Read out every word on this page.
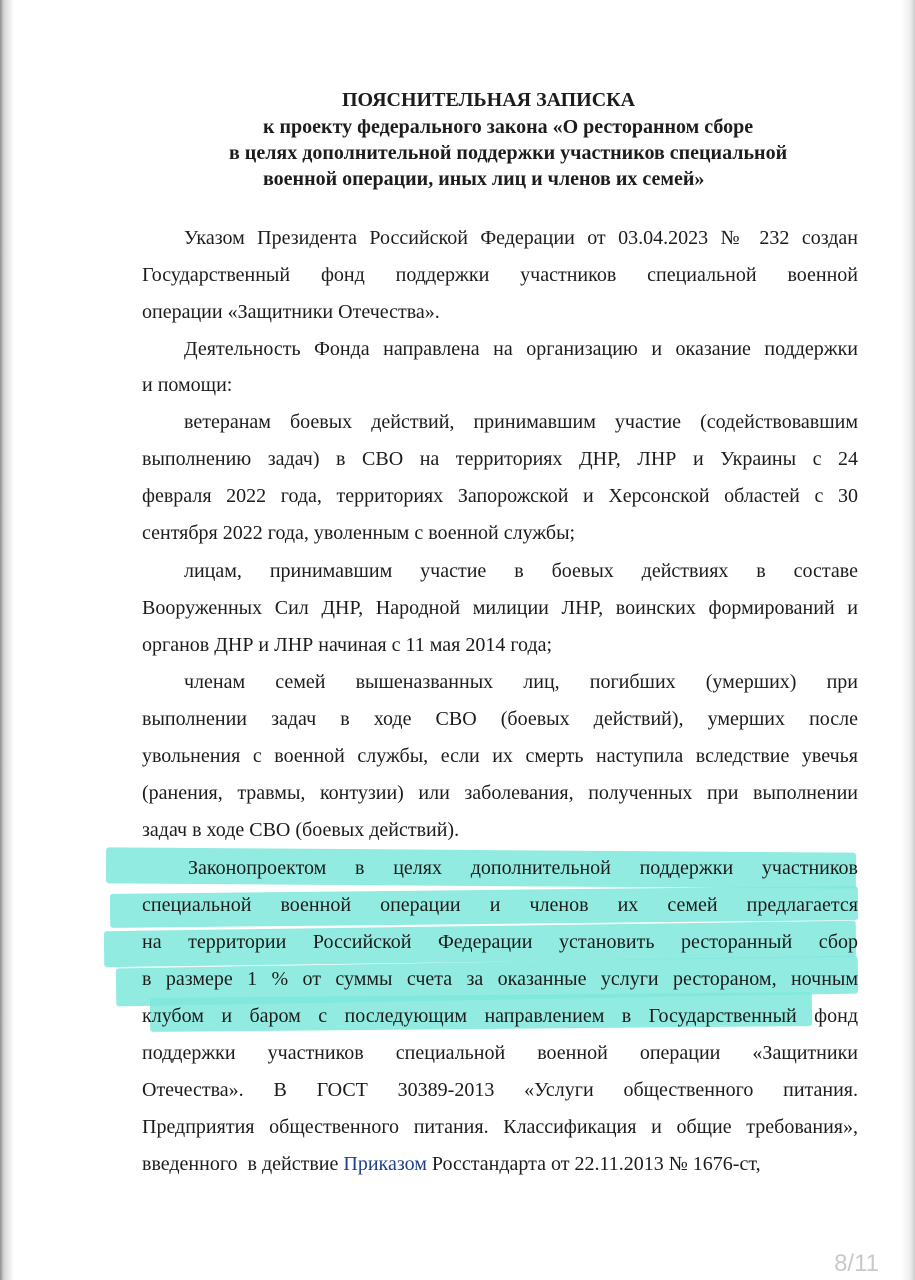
ПОЯСНИТЕЛЬНАЯ ЗАПИСКА
к проекту федерального закона «О ресторанном сборе
в целях дополнительной поддержки участников специальной
военной операции, иных лиц и членов их семей»
Указом Президента Российской Федерации от 03.04.2023 № 232 создан
Государственный фонд поддержки участников специальной военной
операции «Защитники Отечества».
Деятельность Фонда направлена на организацию и оказание поддержки
и помощи:
ветеранам боевых действий, принимавшим участие (содействовавшим
выполнению задач) в СВО на территориях ДНР, ЛНР и Украины с 24
февраля 2022 года, территориях Запорожской и Херсонской областей с 30
сентября 2022 года, уволенным с военной службы;
лицам, принимавшим участие в боевых действиях в составе
Вооруженных Сил ДНР, Народной милиции ЛНР, воинских формирований и
органов ДНР и ЛНР начиная с 11 мая 2014 года;
членам семей вышеназванных лиц, погибших (умерших) при
выполнении задач в ходе СВО (боевых действий), умерших после
увольнения с военной службы, если их смерть наступила вследствие увечья
(ранения, травмы, контузии) или заболевания, полученных при выполнении
задач в ходе СВО (боевых действий).
Законопроектом в целях дополнительной поддержки участников
специальной военной операции и членов их семей предлагается
на территории Российской Федерации установить ресторанный сбор
в размере 1 % от суммы счета за оказанные услуги рестораном, ночным
клубом и баром с последующим направлением в Государственный фонд
поддержки участников специальной военной операции «Защитники
Отечества». В ГОСТ 30389-2013 «Услуги общественного питания.
Предприятия общественного питания. Классификация и общие требования»,
введенного  в действие Приказом Росстандарта от 22.11.2013 № 1676-ст,
8/11
